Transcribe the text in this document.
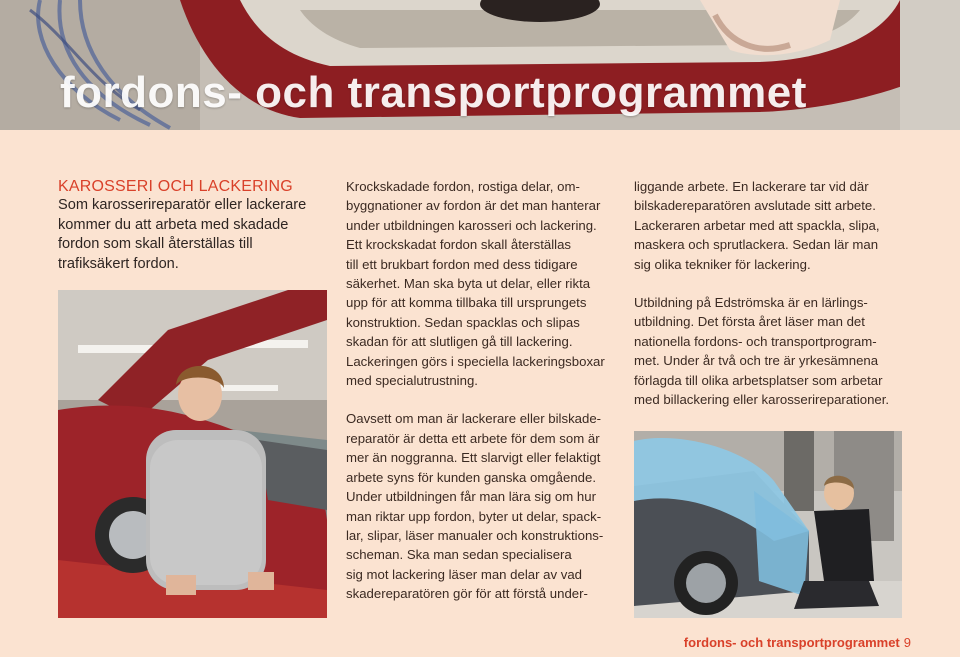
fordons- och transportprogrammet
KAROSSERI OCH LACKERING
Som karosserireparatör eller lackerare kommer du att arbeta med skadade fordon som skall återställas till trafiksäkert fordon.

Krockskadade fordon, rostiga delar, om-
byggnationer av fordon är det man hanterar
under utbildningen karosseri och lackering.
Ett krockskadat fordon skall återställas
till ett brukbart fordon med dess tidigare
säkerhet. Man ska byta ut delar, eller rikta
upp för att komma tillbaka till ursprungets
konstruktion. Sedan spacklas och slipas
skadan för att slutligen gå till lackering.
Lackeringen görs i speciella lackeringsboxar
med specialutrustning.

Oavsett om man är lackerare eller bilskade-
reparatör är detta ett arbete för dem som är
mer än noggranna. Ett slarvigt eller felaktigt
arbete syns för kunden ganska omgående.
Under utbildningen får man lära sig om hur
man riktar upp fordon, byter ut delar, spack-
lar, slipar, läser manualer och konstruktions-
scheman. Ska man sedan specialisera
sig mot lackering läser man delar av vad
skadereparatören gör för att förstå under-

liggande arbete. En lackerare tar vid där
bilskadereparatören avslutade sitt arbete.
Lackeraren arbetar med att spackla, slipa,
maskera och sprutlackera. Sedan lär man
sig olika tekniker för lackering.

Utbildning på Edströmska är en lärlings-
utbildning. Det första året läser man det
nationella fordons- och transportprogram-
met. Under år två och tre är yrkesämnena
förlagda till olika arbetsplatser som arbetar
med billackering eller karosserireparationer.

fordons- och transportprogrammet 9
